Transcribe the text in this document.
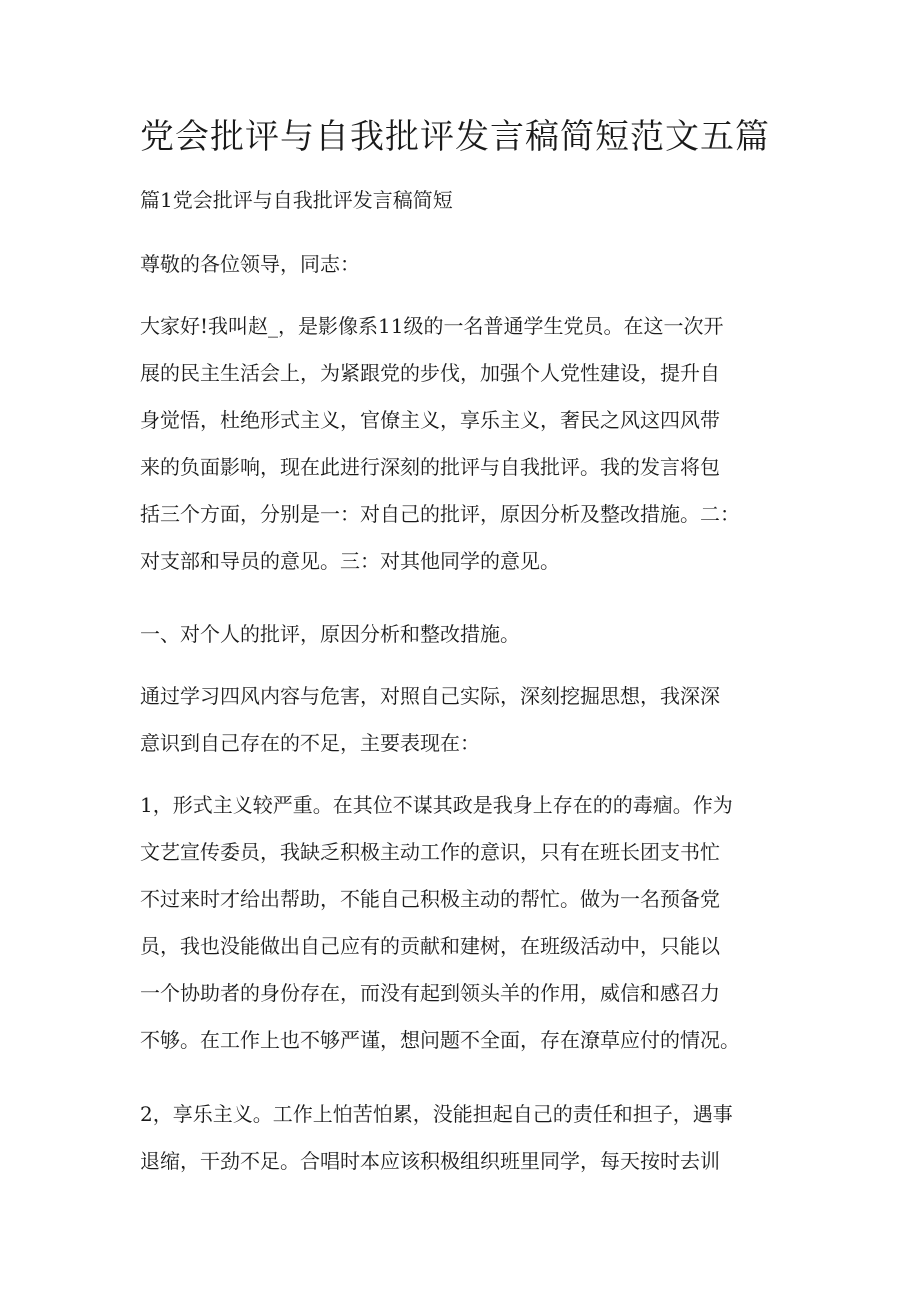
党会批评与自我批评发言稿简短范文五篇
篇1党会批评与自我批评发言稿简短

尊敬的各位领导，同志：

大家好!我叫赵_，是影像系11级的一名普通学生党员。在这一次开
展的民主生活会上，为紧跟党的步伐，加强个人党性建设，提升自
身觉悟，杜绝形式主义，官僚主义，享乐主义，奢民之风这四风带
来的负面影响，现在此进行深刻的批评与自我批评。我的发言将包
括三个方面，分别是一：对自己的批评，原因分析及整改措施。二：
对支部和导员的意见。三：对其他同学的意见。

一、对个人的批评，原因分析和整改措施。

通过学习四风内容与危害，对照自己实际，深刻挖掘思想，我深深
意识到自己存在的不足，主要表现在：

1，形式主义较严重。在其位不谋其政是我身上存在的的毒痼。作为
文艺宣传委员，我缺乏积极主动工作的意识，只有在班长团支书忙
不过来时才给出帮助，不能自己积极主动的帮忙。做为一名预备党
员，我也没能做出自己应有的贡献和建树，在班级活动中，只能以
一个协助者的身份存在，而没有起到领头羊的作用，威信和感召力
不够。在工作上也不够严谨，想问题不全面，存在潦草应付的情况。

2，享乐主义。工作上怕苦怕累，没能担起自己的责任和担子，遇事
退缩，干劲不足。合唱时本应该积极组织班里同学，每天按时去训
